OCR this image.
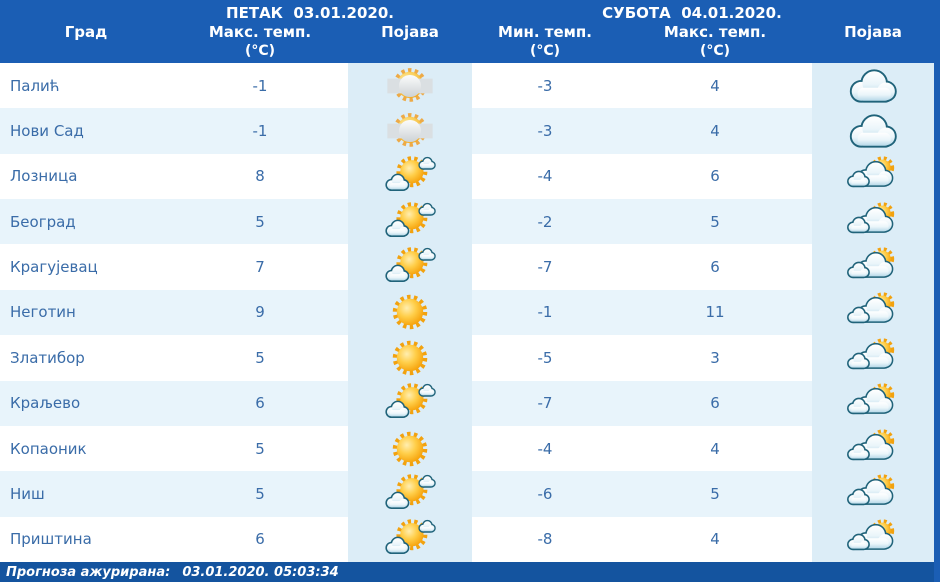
ПЕТАК  03.01.2020.	СУБОТА  04.01.2020.
Град	Макс. темп.
(°C)
Појава	Мин. темп.
(°C)
Макс. темп.
(°C)
Појава
Палић	-1	-3	4
Нови Сад	-1	-3	4
Лозница	8	-4	6
Београд	5	-2	5
Крагујевац	7	-7	6
Неготин	9	-1	11
Златибор	5	-5	3
Краљево	6	-7	6
Копаоник	5	-4	4
Ниш	5	-6	5
Приштина	6	-8	4
Прогноза ажурирана: 03.01.2020. 05:03:34
